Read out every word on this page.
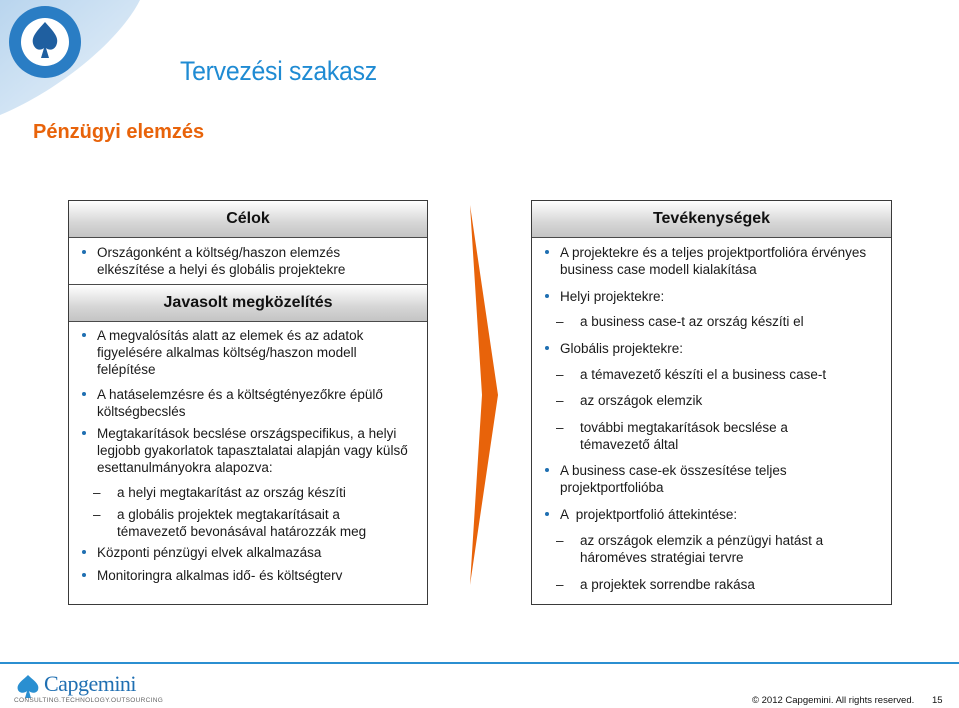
Tervezési szakasz
Pénzügyi elemzés
Célok
Országonként a költség/haszon elemzés elkészítése a helyi és globális projektekre
Javasolt megközelítés
A megvalósítás alatt az elemek és az adatok figyelésére alkalmas költség/haszon modell felépítése
A hatáselemzésre és a költségtényezőkre épülő költségbecslés
Megtakarítások becslése országspecifikus, a helyi legjobb gyakorlatok tapasztalatai alapján vagy külső esettanulmányokra alapozva:
– a helyi megtakarítást az ország készíti
– a globális projektek megtakarításait a témavezető bevonásával határozzák meg
Központi pénzügyi elvek alkalmazása
Monitoringra alkalmas idő- és költségterv
Tevékenységek
A projektekre és a teljes projektportfolióra érvényes business case modell kialakítása
Helyi projektekre:
– a business case-t az ország készíti el
Globális projektekre:
– a témavezető készíti el a business case-t
– az országok elemzik
– további megtakarítások becslése a témavezető által
A business case-ek összesítése teljes projektportfolióba
A  projektportfolió áttekintése:
– az országok elemzik a pénzügyi hatást a hároméves stratégiai tervre
– a projektek sorrendbe rakása
Capgemini
CONSULTING.TECHNOLOGY.OUTSOURCING	© 2012 Capgemini. All rights reserved. 15
